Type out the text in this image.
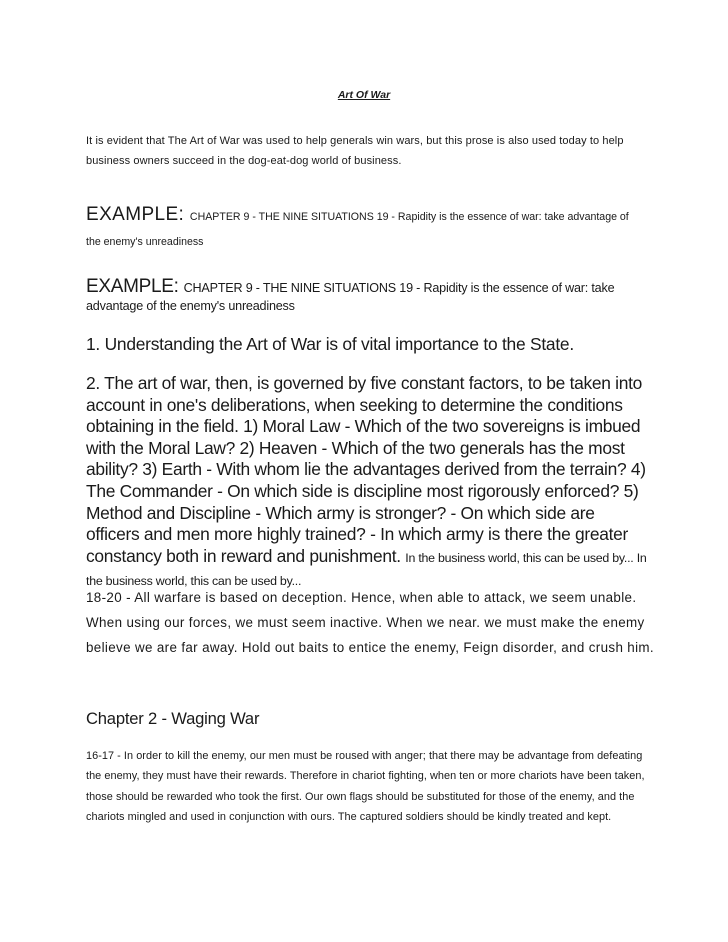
Art Of War
It is evident that The Art of War was used to help generals win wars, but this prose is also used today to help business owners succeed in the dog-eat-dog world of business.
EXAMPLE: CHAPTER 9 - THE NINE SITUATIONS 19 - Rapidity is the essence of war: take advantage of the enemy's unreadiness
EXAMPLE: CHAPTER 9 - THE NINE SITUATIONS 19 - Rapidity is the essence of war: take advantage of the enemy's unreadiness
1. Understanding the Art of War is of vital importance to the State.
2. The art of war, then, is governed by five constant factors, to be taken into account in one's deliberations, when seeking to determine the conditions obtaining in the field. 1) Moral Law - Which of the two sovereigns is imbued with the Moral Law? 2) Heaven - Which of the two generals has the most ability? 3) Earth - With whom lie the advantages derived from the terrain? 4) The Commander - On which side is discipline most rigorously enforced? 5) Method and Discipline - Which army is stronger? - On which side are officers and men more highly trained? - In which army is there the greater constancy both in reward and punishment. In the business world, this can be used by... In the business world, this can be used by...
18-20 - All warfare is based on deception. Hence, when able to attack, we seem unable. When using our forces, we must seem inactive. When we near. we must make the enemy believe we are far away. Hold out baits to entice the enemy, Feign disorder, and crush him.
Chapter 2 - Waging War
16-17 - In order to kill the enemy, our men must be roused with anger; that there may be advantage from defeating the enemy, they must have their rewards. Therefore in chariot fighting, when ten or more chariots have been taken, those should be rewarded who took the first. Our own flags should be substituted for those of the enemy, and the chariots mingled and used in conjunction with ours. The captured soldiers should be kindly treated and kept.
